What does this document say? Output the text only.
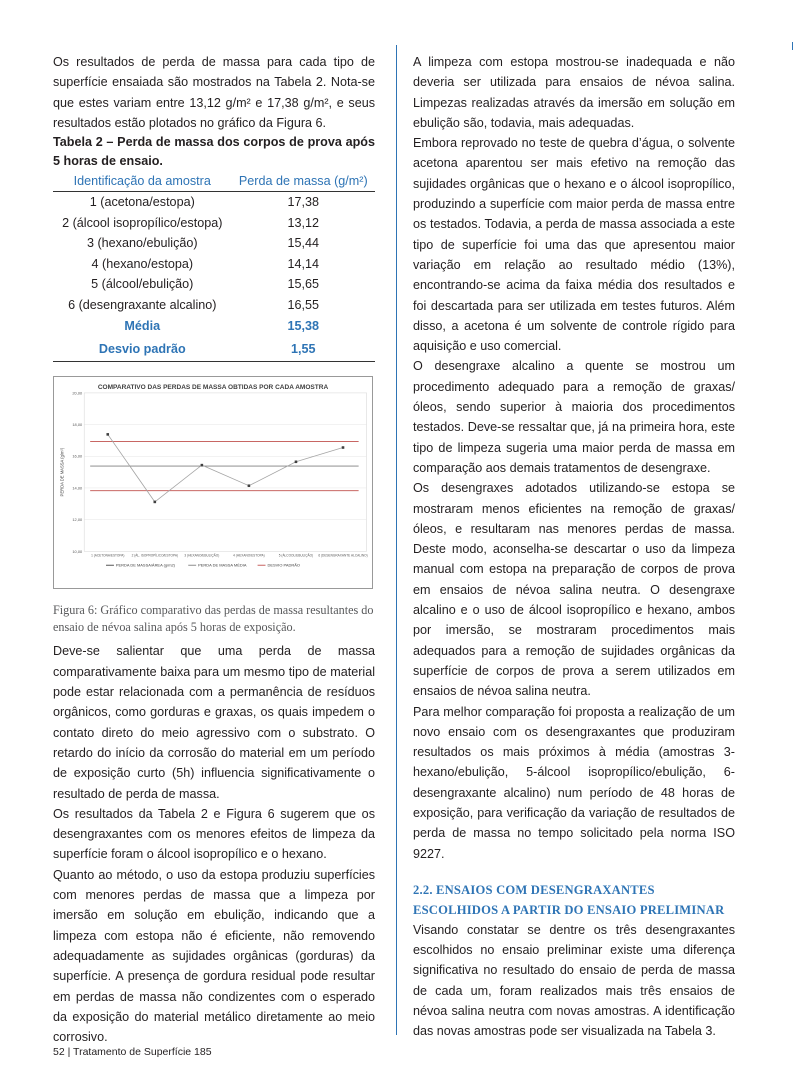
Os resultados de perda de massa para cada tipo de superfície ensaiada são mostrados na Tabela 2. Nota-se que estes variam entre 13,12 g/m² e 17,38 g/m², e seus resultados estão plotados no gráfico da Figura 6.

Tabela 2 – Perda de massa dos corpos de prova após 5 horas de ensaio.

Identificação da amostra	Perda de massa (g/m²)
1 (acetona/estopa)	17,38
2 (álcool isopropílico/estopa)	13,12
3 (hexano/ebulição)	15,44
4 (hexano/estopa)	14,14
5 (álcool/ebulição)	15,65
6 (desengraxante alcalino)	16,55
Média	15,38
Desvio padrão	1,55
COMPARATIVO DAS PERDAS DE MASSA OBTIDAS POR CADA AMOSTRA
PERDA DE MASSA (g/m²)
20,00
18,00
16,00
14,00
12,00
10,00
1 (ACETONA/ESTOPA) 2 (ÁL. ISOPROPÍLICO/ESTOPA) 3 (HEXANO/EBULIÇÃO)	4 (HEXANO/ESTOPA)	5 (ÁLCOOL/EBULIÇÃO) 6 (DESENGRAXANTE ALCALINO)
PERDA DE MASSA/ÁREA (g/m2)	PERDA DE MASSA MÉDIA	DESVIO PADRÃO

Figura 6: Gráfico comparativo das perdas de massa resultantes do ensaio de névoa salina após 5 horas de exposição.

Deve-se salientar que uma perda de massa comparativamente baixa para um mesmo tipo de material pode estar relacionada com a permanência de resíduos orgânicos, como gorduras e graxas, os quais impedem o contato direto do meio agressivo com o substrato. O retardo do início da corrosão do material em um período de exposição curto (5h) influencia significativamente o resultado de perda de massa.

Os resultados da Tabela 2 e Figura 6 sugerem que os desengraxantes com os menores efeitos de limpeza da superfície foram o álcool isopropílico e o hexano.

Quanto ao método, o uso da estopa produziu superfícies com menores perdas de massa que a limpeza por imersão em solução em ebulição, indicando que a limpeza com estopa não é eficiente, não removendo adequadamente as sujidades orgânicas (gorduras) da superfície. A presença de gordura residual pode resultar em perdas de massa não condizentes com o esperado da exposição do material metálico diretamente ao meio corrosivo.

A limpeza com estopa mostrou-se inadequada e não deveria ser utilizada para ensaios de névoa salina. Limpezas realizadas através da imersão em solução em ebulição são, todavia, mais adequadas.

Embora reprovado no teste de quebra d’água, o solvente acetona aparentou ser mais efetivo na remoção das sujidades orgânicas que o hexano e o álcool isopropílico, produzindo a superfície com maior perda de massa entre os testados. Todavia, a perda de massa associada a este tipo de superfície foi uma das que apresentou maior variação em relação ao resultado médio (13%), encontrando-se acima da faixa média dos resultados e foi descartada para ser utilizada em testes futuros. Além disso, a acetona é um solvente de controle rígido para aquisição e uso comercial.

O desengraxe alcalino a quente se mostrou um procedimento adequado para a remoção de graxas/ óleos, sendo superior à maioria dos procedimentos testados. Deve-se ressaltar que, já na primeira hora, este tipo de limpeza sugeria uma maior perda de massa em comparação aos demais tratamentos de desengraxe.

Os desengraxes adotados utilizando-se estopa se mostraram menos eficientes na remoção de graxas/ óleos, e resultaram nas menores perdas de massa. Deste modo, aconselha-se descartar o uso da limpeza manual com estopa na preparação de corpos de prova em ensaios de névoa salina neutra. O desengraxe alcalino e o uso de álcool isopropílico e hexano, ambos por imersão, se mostraram procedimentos mais adequados para a remoção de sujidades orgânicas da superfície de corpos de prova a serem utilizados em ensaios de névoa salina neutra.

Para melhor comparação foi proposta a realização de um novo ensaio com os desengraxantes que produziram resultados os mais próximos à média (amostras 3-hexano/ebulição, 5-álcool isopropílico/ebulição, 6-desengraxante alcalino) num período de 48 horas de exposição, para verificação da variação de resultados de perda de massa no tempo solicitado pela norma ISO 9227.

2.2. ENSAIOS COM DESENGRAXANTES ESCOLHIDOS A PARTIR DO ENSAIO PRELIMINAR

Visando constatar se dentre os três desengraxantes escolhidos no ensaio preliminar existe uma diferença significativa no resultado do ensaio de perda de massa de cada um, foram realizados mais três ensaios de névoa salina neutra com novas amostras. A identificação das novas amostras pode ser visualizada na Tabela 3.

52 | Tratamento de Superfície 185
